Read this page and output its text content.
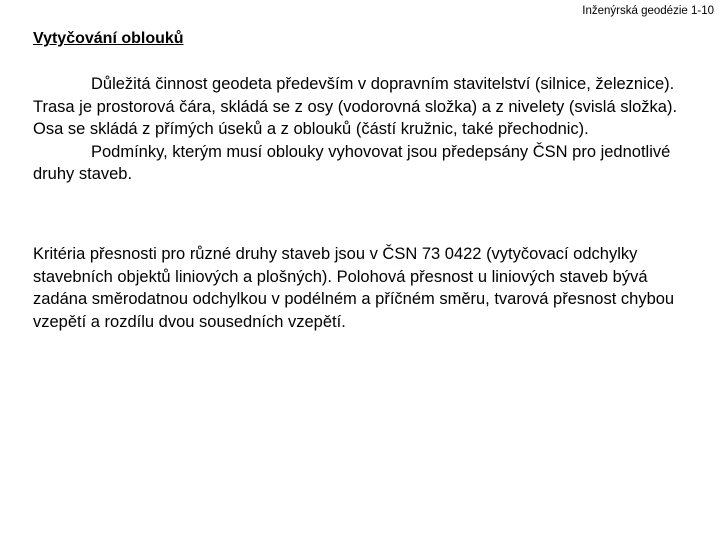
Inženýrská geodézie 1-10
Vytyčování oblouků

Důležitá činnost geodeta především v dopravním stavitelství (silnice, železnice). Trasa je prostorová čára, skládá se z osy (vodorovná složka) a z nivelety (svislá složka). Osa se skládá z přímých úseků a z oblouků (částí kružnic, také přechodnic).

Podmínky, kterým musí oblouky vyhovovat jsou předepsány ČSN pro jednotlivé druhy staveb.

Kritéria přesnosti pro různé druhy staveb jsou v ČSN 73 0422 (vytyčovací odchylky stavebních objektů liniových a plošných). Polohová přesnost u liniových staveb bývá zadána směrodatnou odchylkou v podélném a příčném směru, tvarová přesnost chybou vzepětí a rozdílu dvou sousedních vzepětí.
